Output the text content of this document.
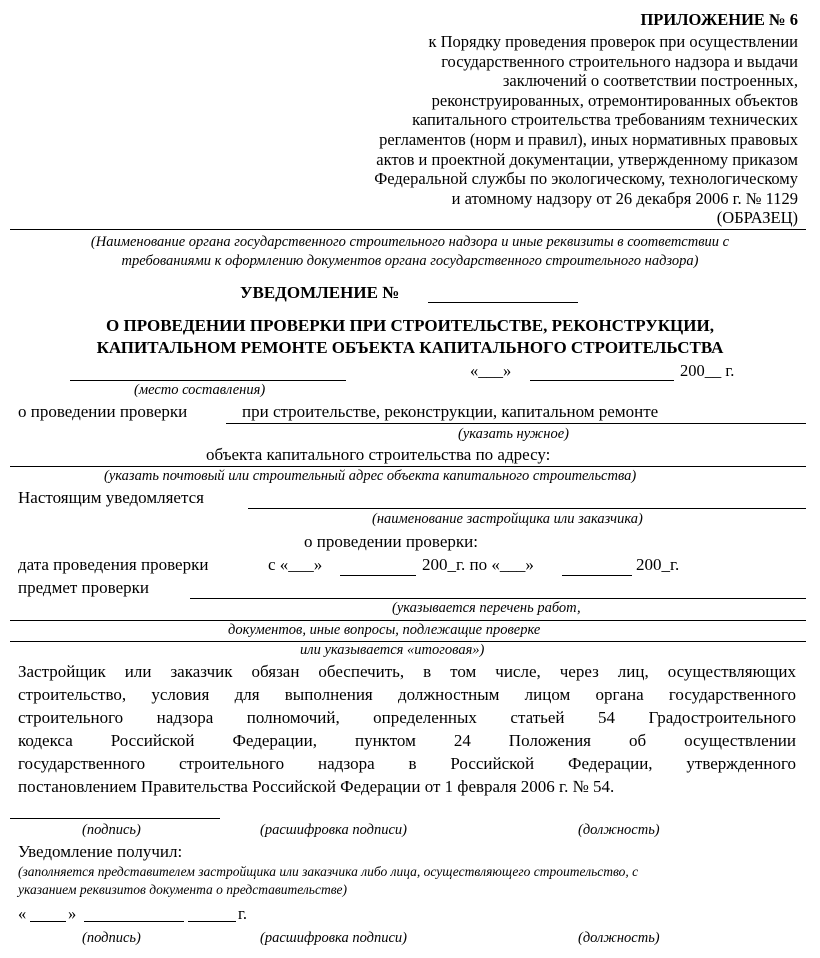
ПРИЛОЖЕНИЕ № 6
к Порядку проведения проверок при осуществлении
государственного строительного надзора и выдачи
заключений о соответствии построенных,
реконструированных, отремонтированных объектов
капитального строительства требованиям технических
регламентов (норм и правил), иных нормативных правовых
актов и проектной документации, утвержденному приказом
Федеральной службы по экологическому, технологическому
и атомному надзору от 26 декабря 2006 г. № 1129
(ОБРАЗЕЦ)
(Наименование органа государственного строительного надзора и иные реквизиты в соответствии с
требованиями к оформлению документов органа государственного строительного надзора)
УВЕДОМЛЕНИЕ №
О ПРОВЕДЕНИИ ПРОВЕРКИ ПРИ СТРОИТЕЛЬСТВЕ, РЕКОНСТРУКЦИИ,
КАПИТАЛЬНОМ РЕМОНТЕ ОБЪЕКТА КАПИТАЛЬНОГО СТРОИТЕЛЬСТВА
«___»	200__ г.
(место составления)
о проведении проверки	при строительстве, реконструкции, капитальном ремонте
(указать нужное)
объекта капитального строительства по адресу:
(указать почтовый или строительный адрес объекта капитального строительства)
Настоящим уведомляется
(наименование застройщика или заказчика)
о проведении проверки:
дата проведения проверки	с «___»	200_г. по «___»	200_г.
предмет проверки
(указывается перечень работ,
документов, иные вопросы, подлежащие проверке
или указывается «итоговая»)
Застройщик или заказчик обязан обеспечить, в том числе, через лиц, осуществляющих
строительство, условия для выполнения должностным лицом органа государственного
строительного надзора полномочий, определенных статьей 54 Градостроительного
кодекса Российской Федерации, пунктом 24 Положения об осуществлении
государственного строительного надзора в Российской Федерации, утвержденного
постановлением Правительства Российской Федерации от 1 февраля 2006 г. № 54.
(подпись)	(расшифровка подписи)	(должность)
Уведомление получил:
(заполняется представителем застройщика или заказчика либо лица, осуществляющего строительство, с
указанием реквизитов документа о представительстве)
«	»	г.
(подпись)	(расшифровка подписи)	(должность)
